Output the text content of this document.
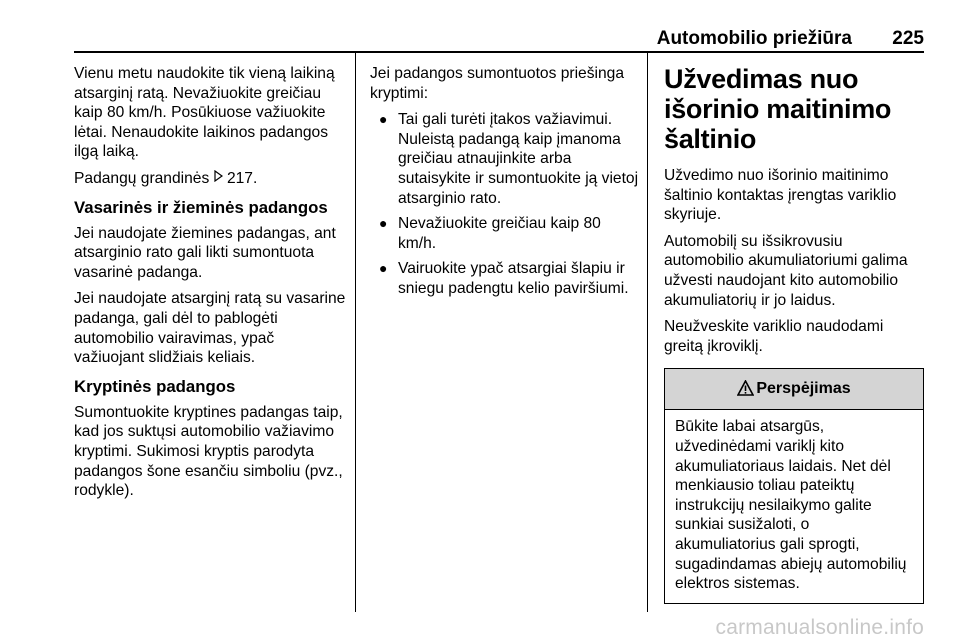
Automobilio priežiūra 225

Vienu metu naudokite tik vieną laikiną atsarginį ratą. Nevažiuokite greičiau kaip 80 km/h. Posūkiuose važiuokite lėtai. Nenaudokite laikinos padangos ilgą laiką.

Padangų grandinės 217.

Vasarinės ir žieminės padangos

Jei naudojate žiemines padangas, ant atsarginio rato gali likti sumontuota vasarinė padanga.

Jei naudojate atsarginį ratą su vasarine padanga, gali dėl to pablogėti automobilio vairavimas, ypač važiuojant slidžiais keliais.

Kryptinės padangos

Sumontuokite kryptines padangas taip, kad jos suktųsi automobilio važiavimo kryptimi. Sukimosi kryptis parodyta padangos šone esančiu simboliu (pvz., rodykle).

Jei padangos sumontuotos priešinga kryptimi:

● Tai gali turėti įtakos važiavimui. Nuleistą padangą kaip įmanoma greičiau atnaujinkite arba sutaisykite ir sumontuokite ją vietoj atsarginio rato.
● Nevažiuokite greičiau kaip 80 km/h.
● Vairuokite ypač atsargiai šlapiu ir sniegu padengtu kelio paviršiumi.
Užvedimas nuo išorinio maitinimo šaltinio

Užvedimo nuo išorinio maitinimo šaltinio kontaktas įrengtas variklio skyriuje.

Automobilį su išsikrovusiu automobilio akumuliatoriumi galima užvesti naudojant kito automobilio akumuliatorių ir jo laidus.

Neužveskite variklio naudodami greitą įkroviklį.

Perspėjimas
Būkite labai atsargūs, užvedinėdami variklį kito akumuliatoriaus laidais. Net dėl menkiausio toliau pateiktų instrukcijų nesilaikymo galite sunkiai susižaloti, o akumuliatorius gali sprogti, sugadindamas abiejų automobilių elektros sistemas.
carmanualsonline.info
